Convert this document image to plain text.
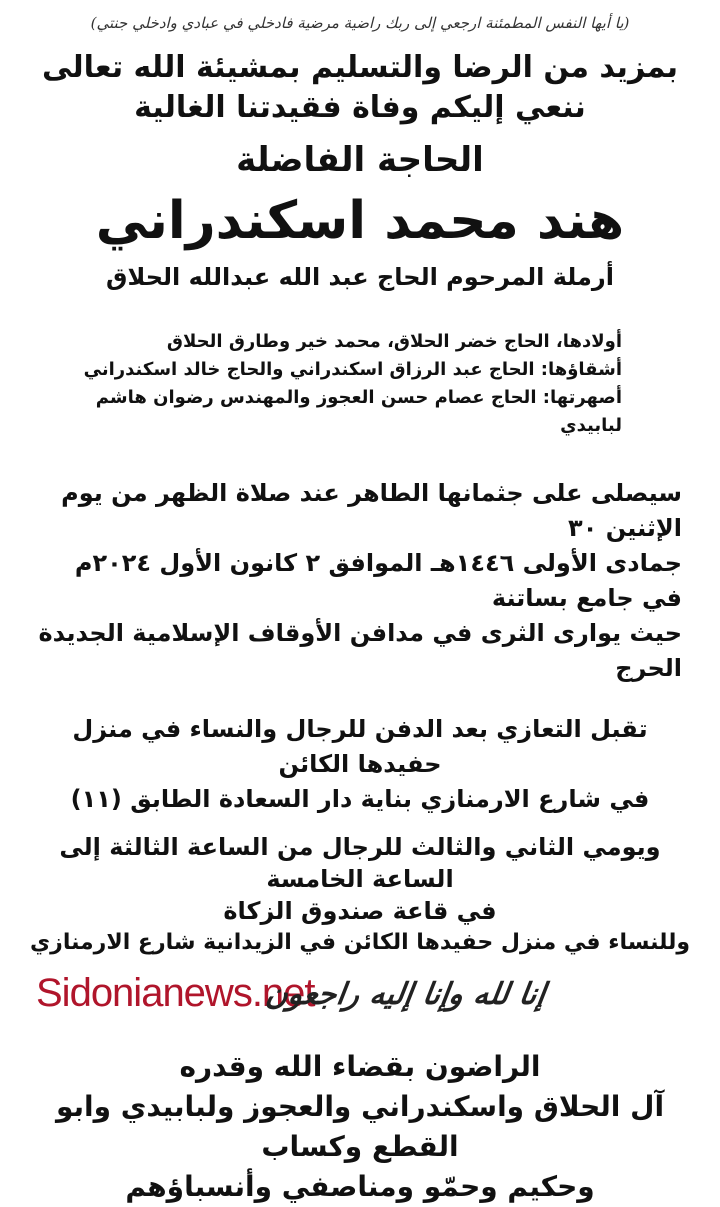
(يا أيها النفس المطمئنة ارجعي إلى ربك راضية مرضية فادخلي في عبادي وادخلي جنتي)

بمزيد من الرضا والتسليم بمشيئة الله تعالى

ننعي إليكم وفاة فقيدتنا الغالية

الحاجة الفاضلة

هند محمد اسكندراني

أرملة المرحوم الحاج عبد الله عبدالله الحلاق

أولادها، الحاج خضر الحلاق، محمد خير وطارق الحلاق
أشقاؤها: الحاج عبد الرزاق اسكندراني والحاج خالد اسكندراني
أصهرتها: الحاج عصام حسن العجوز والمهندس رضوان هاشم لبابيدي
سيصلى على جثمانها الطاهر عند صلاة الظهر من يوم الإثنين ٣٠
جمادى الأولى ١٤٤٦هـ الموافق ٢ كانون الأول ٢٠٢٤م في جامع بساتنة
حيث يوارى الثرى في مدافن الأوقاف الإسلامية الجديدة الحرج
تقبل التعازي بعد الدفن للرجال والنساء في منزل حفيدها الكائن
في شارع الارمنازي بناية دار السعادة الطابق (١١)
ويومي الثاني والثالث للرجال من الساعة الثالثة إلى الساعة الخامسة
في قاعة صندوق الزكاة
وللنساء في منزل حفيدها الكائن في الزيدانية شارع الارمنازي
Sidonianews.net
إنا لله وإنا إليه راجعون
الراضون بقضاء الله وقدره
آل الحلاق واسكندراني والعجوز ولبابيدي وابو القطع وكساب
وحكيم وحمّو ومناصفي وأنسباؤهم
